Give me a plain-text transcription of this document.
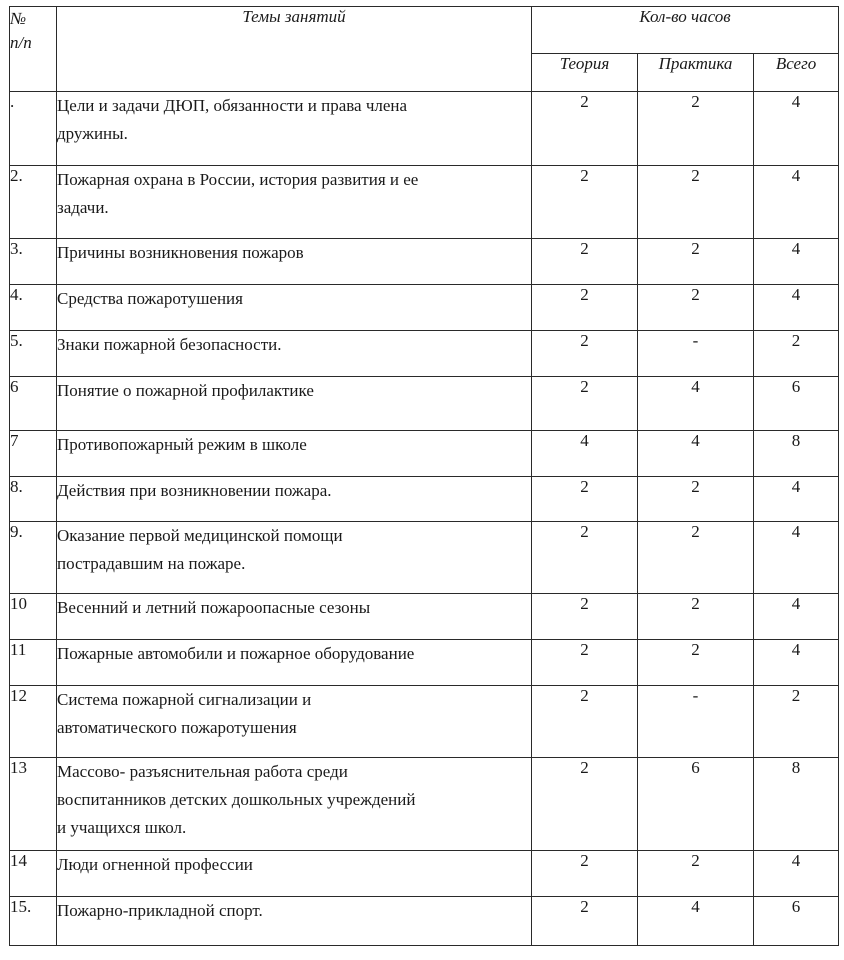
№
п/п	Темы занятий	Кол-во часов		
		Теория	Практика	Всего
.	Цели и задачи ДЮП, обязанности и права члена
дружины.	2	2	4
2.	Пожарная охрана в России, история развития и ее
задачи.	2	2	4
3.	Причины возникновения пожаров	2	2	4
4.	Средства пожаротушения	2	2	4
5.	Знаки пожарной безопасности.	2	-	2
6	Понятие о пожарной профилактике	2	4	6
7	Противопожарный режим в школе	4	4	8
8.	Действия при возникновении пожара.	2	2	4
9.	Оказание первой медицинской помощи
пострадавшим на пожаре.	2	2	4
10	Весенний и летний пожароопасные сезоны	2	2	4
11	Пожарные автомобили и пожарное оборудование	2	2	4
12	Система пожарной сигнализации и
автоматического пожаротушения	2	-	2
13	Массово- разъяснительная работа среди
воспитанников детских дошкольных учреждений
и учащихся школ.	2	6	8
14	Люди огненной профессии	2	2	4
15.	Пожарно-прикладной спорт.	2	4	6
